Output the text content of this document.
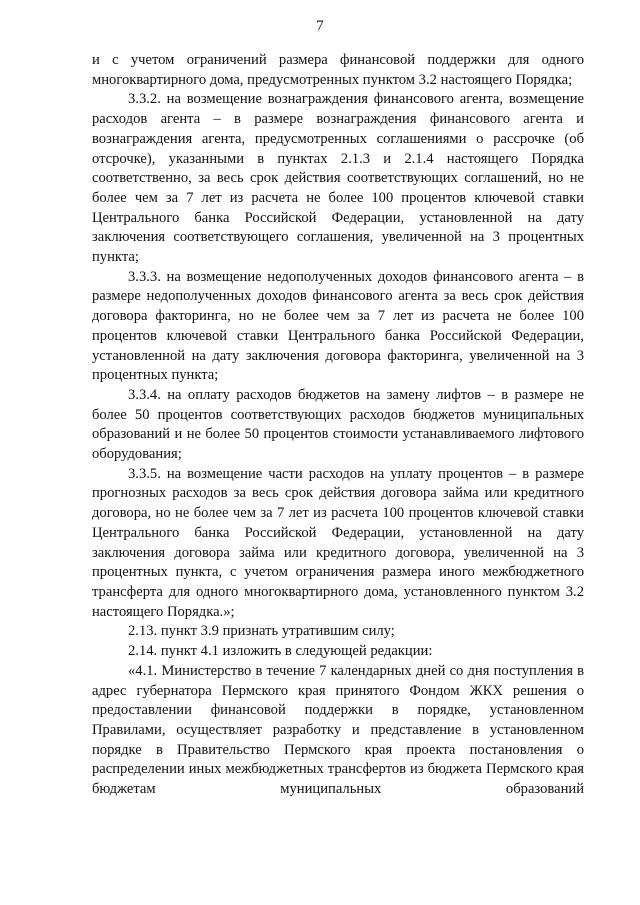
7

и с учетом ограничений размера финансовой поддержки для одного многоквартирного дома, предусмотренных пунктом 3.2 настоящего Порядка;

3.3.2. на возмещение вознаграждения финансового агента, возмещение расходов агента – в размере вознаграждения финансового агента и вознаграждения агента, предусмотренных соглашениями о рассрочке (об отсрочке), указанными в пунктах 2.1.3 и 2.1.4 настоящего Порядка соответственно, за весь срок действия соответствующих соглашений, но не более чем за 7 лет из расчета не более 100 процентов ключевой ставки Центрального банка Российской Федерации, установленной на дату заключения соответствующего соглашения, увеличенной на 3 процентных пункта;

3.3.3. на возмещение недополученных доходов финансового агента – в размере недополученных доходов финансового агента за весь срок действия договора факторинга, но не более чем за 7 лет из расчета не более 100 процентов ключевой ставки Центрального банка Российской Федерации, установленной на дату заключения договора факторинга, увеличенной на 3 процентных пункта;

3.3.4. на оплату расходов бюджетов на замену лифтов – в размере не более 50 процентов соответствующих расходов бюджетов муниципальных образований и не более 50 процентов стоимости устанавливаемого лифтового оборудования;

3.3.5. на возмещение части расходов на уплату процентов – в размере прогнозных расходов за весь срок действия договора займа или кредитного договора, но не более чем за 7 лет из расчета 100 процентов ключевой ставки Центрального банка Российской Федерации, установленной на дату заключения договора займа или кредитного договора, увеличенной на 3 процентных пункта, с учетом ограничения размера иного межбюджетного трансферта для одного многоквартирного дома, установленного пунктом 3.2 настоящего Порядка.»;

2.13. пункт 3.9 признать утратившим силу;

2.14. пункт 4.1 изложить в следующей редакции:

«4.1. Министерство в течение 7 календарных дней со дня поступления в адрес губернатора Пермского края принятого Фондом ЖКХ решения о предоставлении финансовой поддержки в порядке, установленном Правилами, осуществляет разработку и представление в установленном порядке в Правительство Пермского края проекта постановления о распределении иных межбюджетных трансфертов из бюджета Пермского края бюджетам муниципальных образований
